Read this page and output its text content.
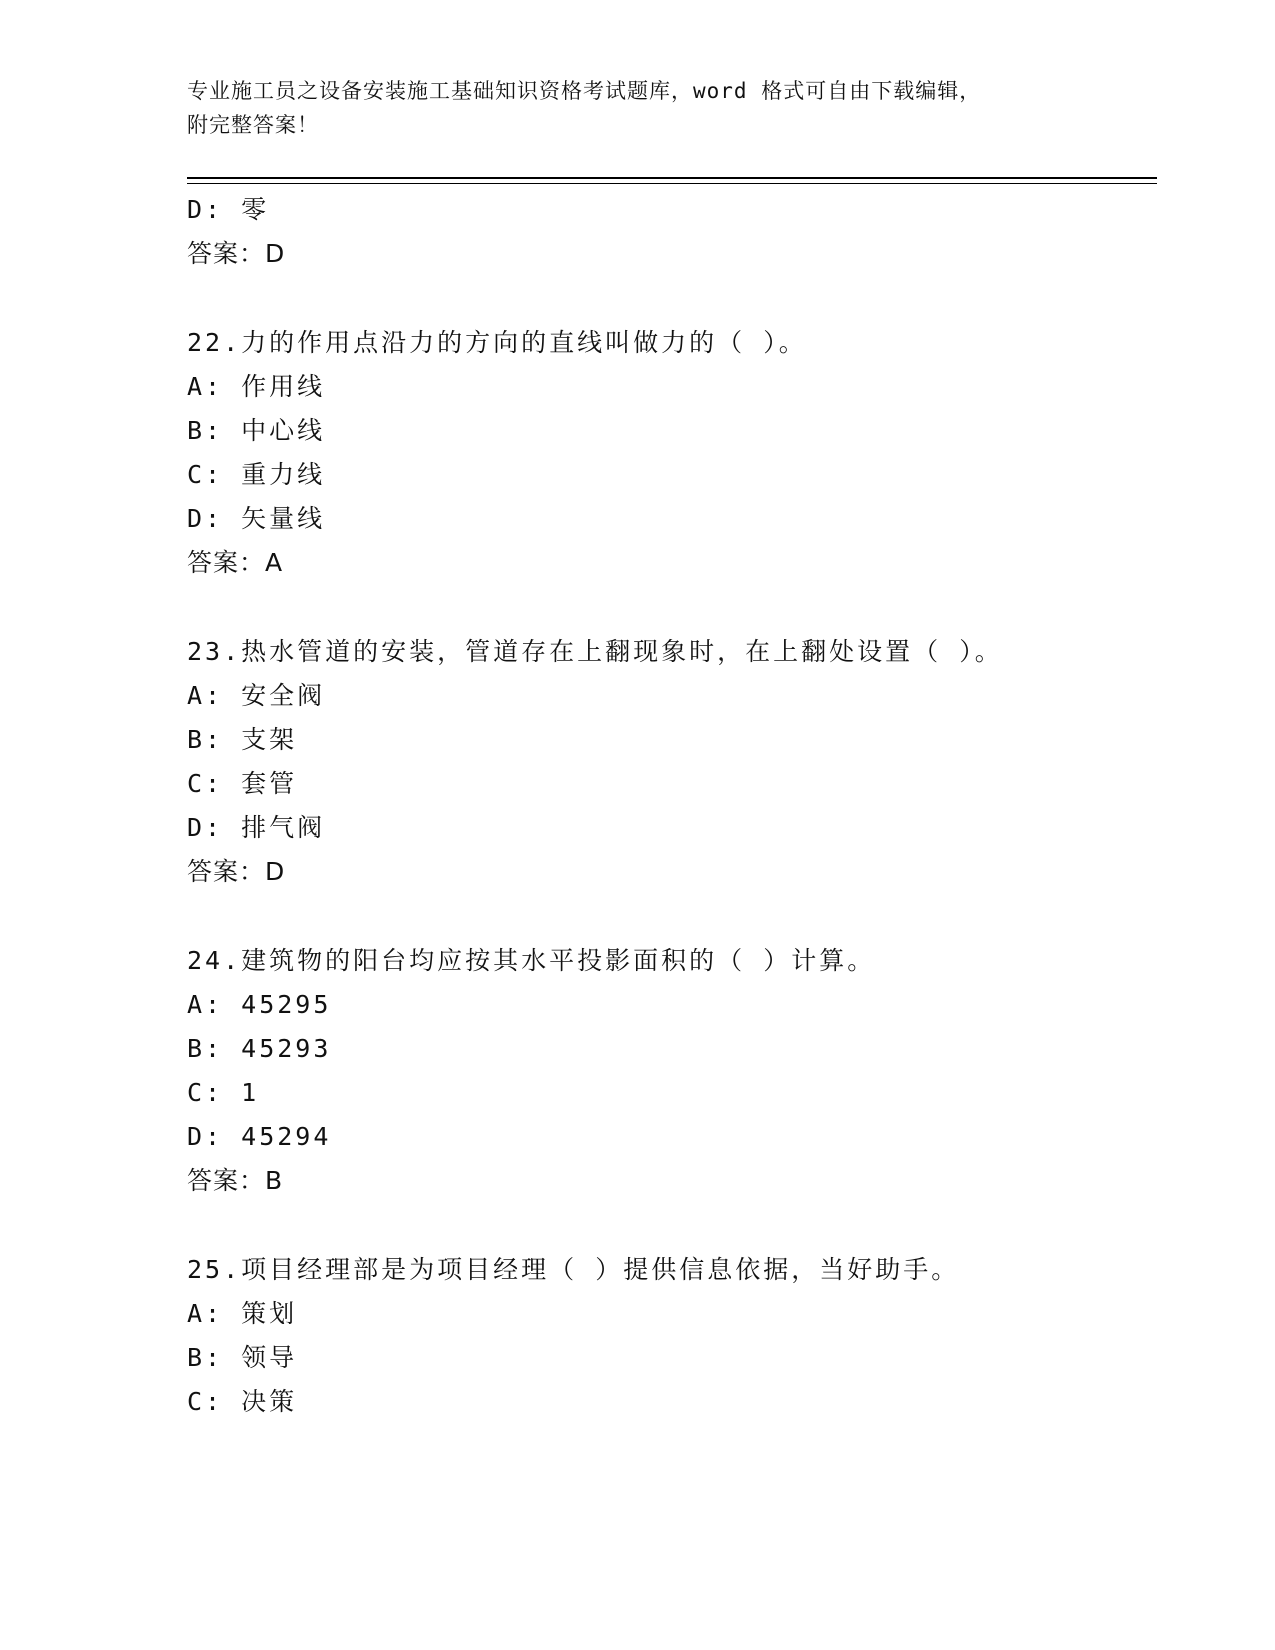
专业施工员之设备安装施工基础知识资格考试题库，word 格式可自由下载编辑，
附完整答案！
D: 零
答案：D
22.力的作用点沿力的方向的直线叫做力的（ ）。
A: 作用线
B: 中心线
C: 重力线
D: 矢量线
答案：A
23.热水管道的安装，管道存在上翻现象时，在上翻处设置（ ）。
A: 安全阀
B: 支架
C: 套管
D: 排气阀
答案：D
24.建筑物的阳台均应按其水平投影面积的（ ）计算。
A: 45295
B: 45293
C: 1
D: 45294
答案：B
25.项目经理部是为项目经理（ ）提供信息依据，当好助手。
A: 策划
B: 领导
C: 决策
